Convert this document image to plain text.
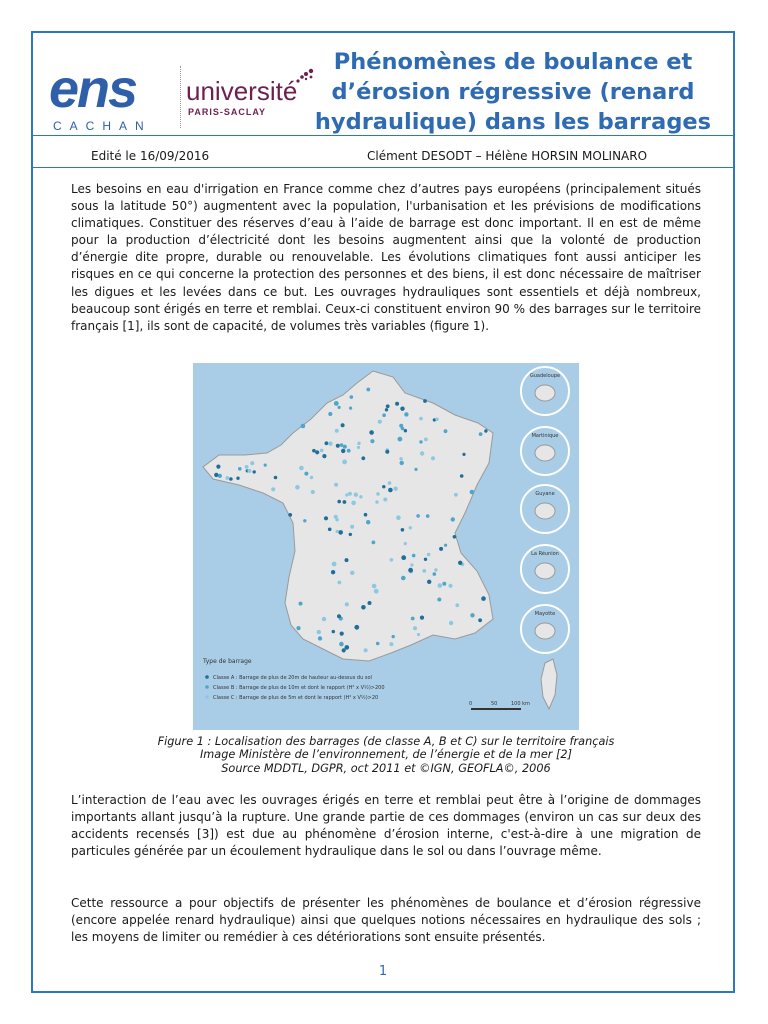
ens
CACHAN
université
PARIS-SACLAY
Phénomènes de boulance et
d’érosion régressive (renard
hydraulique) dans les barrages
Edité le 16/09/2016	Clément DESODT – Hélène HORSIN MOLINARO

Les besoins en eau d'irrigation en France comme chez d’autres pays européens (principalement situés sous la latitude 50°) augmentent avec la population, l'urbanisation et les prévisions de modifications climatiques. Constituer des réserves d’eau à l’aide de barrage est donc important. Il en est de même pour la production d’électricité dont les besoins augmentent ainsi que la volonté de production d’énergie dite propre, durable ou renouvelable. Les évolutions climatiques font aussi anticiper les risques en ce qui concerne la protection des personnes et des biens, il est donc nécessaire de maîtriser les digues et les levées dans ce but. Les ouvrages hydrauliques sont essentiels et déjà nombreux, beaucoup sont érigés en terre et remblai. Ceux-ci constituent environ 90 % des barrages sur le territoire français [1], ils sont de capacité, de volumes très variables (figure 1).

Guadeloupe
Martinique
Guyane
La Réunion
Mayotte
Type de barrage
Classe A : Barrage de plus de 20m de hauteur au-dessus du sol
Classe B : Barrage de plus de 10m et dont le rapport (H² x V½)>200
Classe C : Barrage de plus de 5m et dont le rapport (H² x V½)>20
0	50	100 km
Figure 1 : Localisation des barrages (de classe A, B et C) sur le territoire français
Image Ministère de l’environnement, de l’énergie et de la mer [2]
Source MDDTL, DGPR, oct 2011 et ©IGN, GEOFLA©, 2006

L’interaction de l’eau avec les ouvrages érigés en terre et remblai peut être à l’origine de dommages importants allant jusqu’à la rupture. Une grande partie de ces dommages (environ un cas sur deux des accidents recensés [3]) est due au phénomène d’érosion interne, c'est-à-dire à une migration de particules générée par un écoulement hydraulique dans le sol ou dans l’ouvrage même.

Cette ressource a pour objectifs de présenter les phénomènes de boulance et d’érosion régressive (encore appelée renard hydraulique) ainsi que quelques notions nécessaires en hydraulique des sols ; les moyens de limiter ou remédier à ces détériorations sont ensuite présentés.

1
